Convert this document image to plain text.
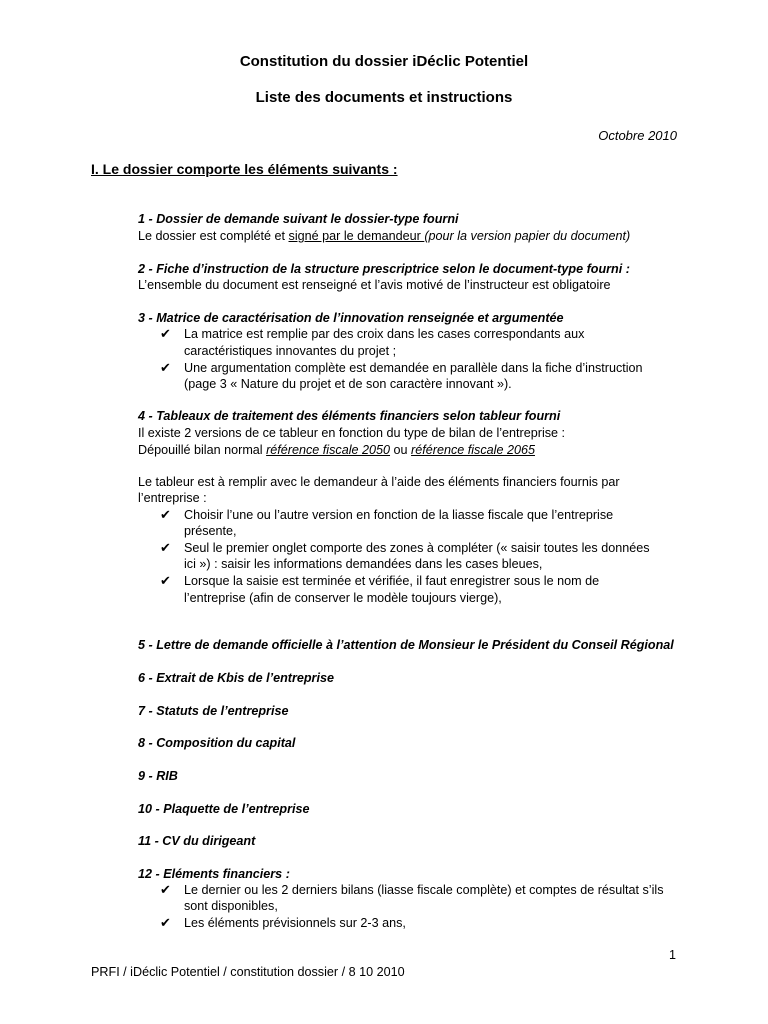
Constitution du dossier iDéclic Potentiel
Liste des documents et instructions
Octobre 2010
I. Le dossier comporte les éléments suivants :
1 - Dossier de demande suivant le dossier-type fourni
Le dossier est complété et signé par le demandeur (pour la version papier du document)
2 - Fiche d’instruction de la structure prescriptrice selon le document-type fourni :
L’ensemble du document est renseigné et l’avis motivé de l’instructeur est obligatoire
3 - Matrice de caractérisation de l’innovation renseignée et argumentée
✔ La matrice est remplie par des croix dans les cases correspondants aux
caractéristiques innovantes du projet ;
✔ Une argumentation complète est demandée en parallèle dans la fiche d’instruction
(page 3 « Nature du projet et de son caractère innovant »).
4 - Tableaux de traitement des éléments financiers selon tableur fourni
Il existe 2 versions de ce tableur en fonction du type de bilan de l’entreprise :
Dépouillé bilan normal référence fiscale 2050 ou référence fiscale 2065
Le tableur est à remplir avec le demandeur à l’aide des éléments financiers fournis par
l’entreprise :
✔ Choisir l’une ou l’autre version en fonction de la liasse fiscale que l’entreprise
présente,
✔ Seul le premier onglet comporte des zones à compléter (« saisir toutes les données
ici ») : saisir les informations demandées dans les cases bleues,
✔ Lorsque la saisie est terminée et vérifiée, il faut enregistrer sous le nom de
l’entreprise (afin de conserver le modèle toujours vierge),
5 - Lettre de demande officielle à l’attention de Monsieur le Président du Conseil Régional
6 - Extrait de Kbis de l’entreprise
7 - Statuts de l’entreprise
8 - Composition du capital
9 - RIB
10 - Plaquette de l’entreprise
11 - CV du dirigeant
12 - Eléments financiers :
✔ Le dernier ou les 2 derniers bilans (liasse fiscale complète) et comptes de résultat s’ils
sont disponibles,
✔ Les éléments prévisionnels sur 2-3 ans,
1
PRFI / iDéclic Potentiel / constitution dossier / 8 10 2010
